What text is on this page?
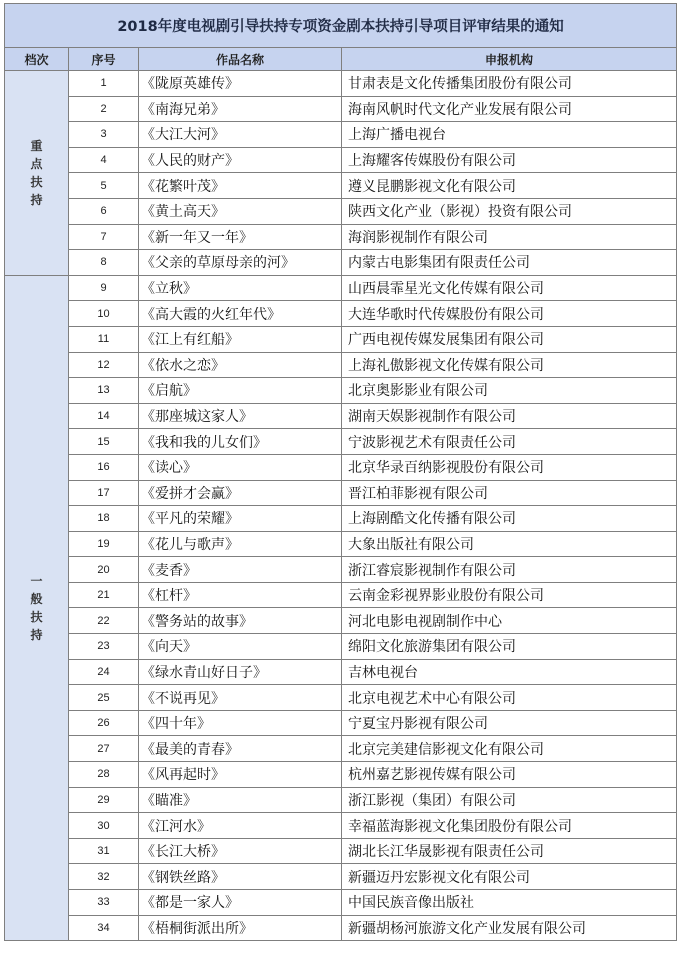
2018年度电视剧引导扶持专项资金剧本扶持引导项目评审结果的通知			
档次	序号	作品名称	申报机构
重点扶持	1	《陇原英雄传》	甘肃表是文化传播集团股份有限公司
	2	《南海兄弟》	海南风帆时代文化产业发展有限公司
	3	《大江大河》	上海广播电视台
	4	《人民的财产》	上海耀客传媒股份有限公司
	5	《花繁叶茂》	遵义昆鹏影视文化有限公司
	6	《黄土高天》	陕西文化产业（影视）投资有限公司
	7	《新一年又一年》	海润影视制作有限公司
	8	《父亲的草原母亲的河》	内蒙古电影集团有限责任公司
一般扶持	9	《立秋》	山西晨霏星光文化传媒有限公司
	10	《高大霞的火红年代》	大连华歌时代传媒股份有限公司
	11	《江上有红船》	广西电视传媒发展集团有限公司
	12	《依水之恋》	上海礼傲影视文化传媒有限公司
	13	《启航》	北京奥影影业有限公司
	14	《那座城这家人》	湖南天娱影视制作有限公司
	15	《我和我的儿女们》	宁波影视艺术有限责任公司
	16	《读心》	北京华录百纳影视股份有限公司
	17	《爱拼才会赢》	晋江柏菲影视有限公司
	18	《平凡的荣耀》	上海剧酷文化传播有限公司
	19	《花儿与歌声》	大象出版社有限公司
	20	《麦香》	浙江睿宸影视制作有限公司
	21	《杠杆》	云南金彩视界影业股份有限公司
	22	《警务站的故事》	河北电影电视剧制作中心
	23	《向天》	绵阳文化旅游集团有限公司
	24	《绿水青山好日子》	吉林电视台
	25	《不说再见》	北京电视艺术中心有限公司
	26	《四十年》	宁夏宝丹影视有限公司
	27	《最美的青春》	北京完美建信影视文化有限公司
	28	《风再起时》	杭州嘉艺影视传媒有限公司
	29	《瞄准》	浙江影视（集团）有限公司
	30	《江河水》	幸福蓝海影视文化集团股份有限公司
	31	《长江大桥》	湖北长江华晟影视有限责任公司
	32	《钢铁丝路》	新疆迈丹宏影视文化有限公司
	33	《都是一家人》	中国民族音像出版社
	34	《梧桐街派出所》	新疆胡杨河旅游文化产业发展有限公司
